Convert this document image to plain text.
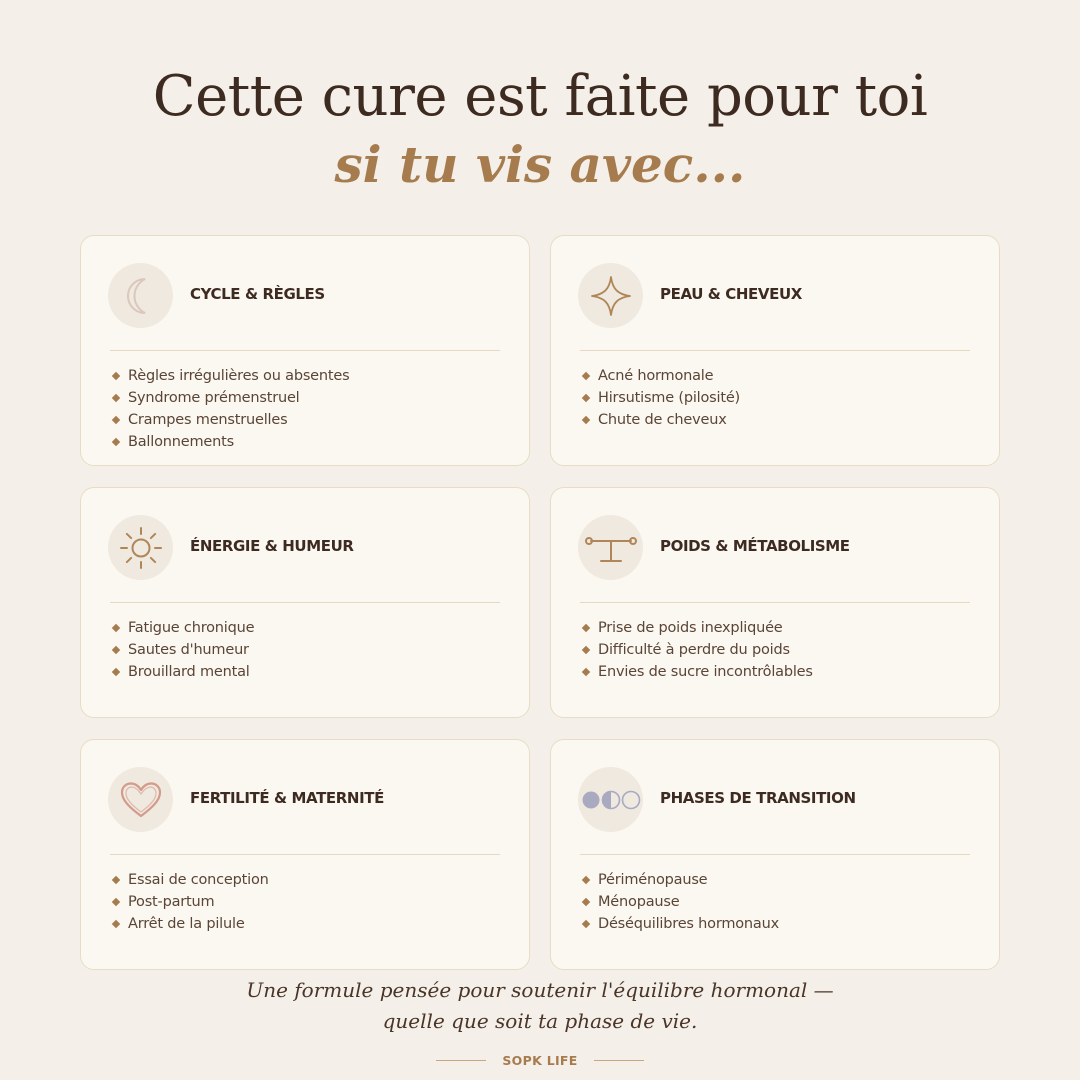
Cette cure est faite pour toi
si tu vis avec...
CYCLE & RÈGLES
Règles irrégulières ou absentes
Syndrome prémenstruel
Crampes menstruelles
Ballonnements
PEAU & CHEVEUX
Acné hormonale
Hirsutisme (pilosité)
Chute de cheveux
ÉNERGIE & HUMEUR
Fatigue chronique
Sautes d'humeur
Brouillard mental
POIDS & MÉTABOLISME
Prise de poids inexpliquée
Difficulté à perdre du poids
Envies de sucre incontrôlables
FERTILITÉ & MATERNITÉ
Essai de conception
Post-partum
Arrêt de la pilule
PHASES DE TRANSITION
Périménopause
Ménopause
Déséquilibres hormonaux

Une formule pensée pour soutenir l'équilibre hormonal —

quelle que soit ta phase de vie.

SOPK LIFE
